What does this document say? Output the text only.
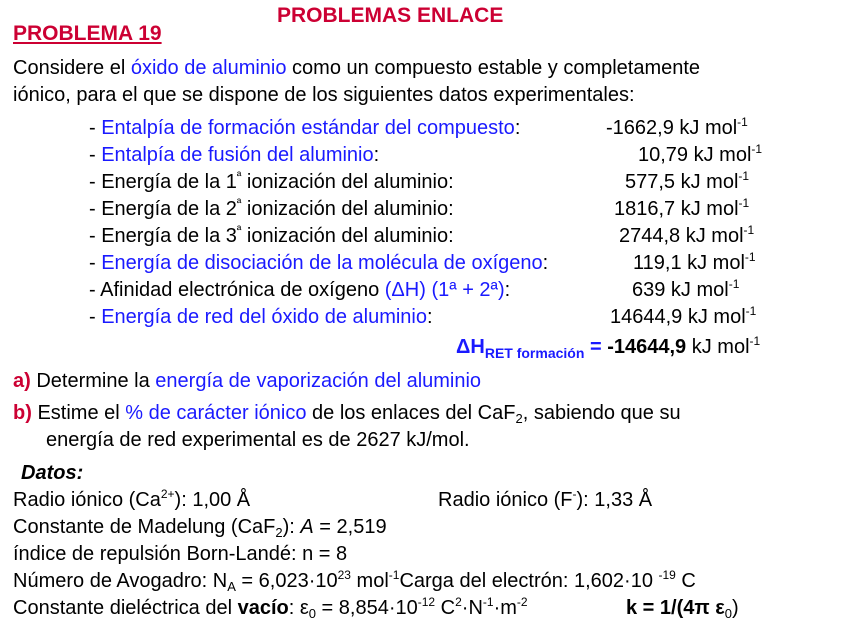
PROBLEMAS ENLACE
PROBLEMA 19
Considere el óxido de aluminio como un compuesto estable y completamente
iónico, para el que se dispone de los siguientes datos experimentales:
- Entalpía de formación estándar del compuesto:	-1662,9 kJ mol$^{-1}$
- Entalpía de fusión del aluminio:	10,79 kJ mol$^{-1}$
- Energía de la $1^ª$ ionización del aluminio:	577,5 kJ mol$^{-1}$
- Energía de la $2^ª$ ionización del aluminio:	1816,7 kJ mol$^{-1}$
- Energía de la $3^ª$ ionización del aluminio:	2744,8 kJ mol$^{-1}$
- Energía de disociación de la molécula de oxígeno:	119,1 kJ mol$^{-1}$
- Afinidad electrónica de oxígeno (ΔH) (1ª + 2ª):	639 kJ mol$^{-1}$
- Energía de red del óxido de aluminio:	14644,9 kJ mol$^{-1}$
$\Delta H_{RET formación} = -14644,9$ kJ mol$^{-1}$
a) Determine la energía de vaporización del aluminio
b) Estime el % de carácter iónico de los enlaces del CaF$_2$, sabiendo que su
energía de red experimental es de 2627 kJ/mol.
Datos:
Radio iónico $(Ca^{2+})$: 1,00 Å	Radio iónico (F-): 1,33 Å
Constante de Madelung (CaF$_2$): A = 2,519
índice de repulsión Born-Landé: n = 8
Número de Avogadro: $N_A = 6,023\cdot 10^{23}$ mol$^{-1}$Carga del electrón: 1,602·10 $^{-19}$ C
Constante dieléctrica del vacío: $\varepsilon_0 = 8,854\cdot 10^{-12}$ $C^2\cdot N^{-1}\cdot m^{-2}$	k = 1/(4π $\varepsilon_0$)
